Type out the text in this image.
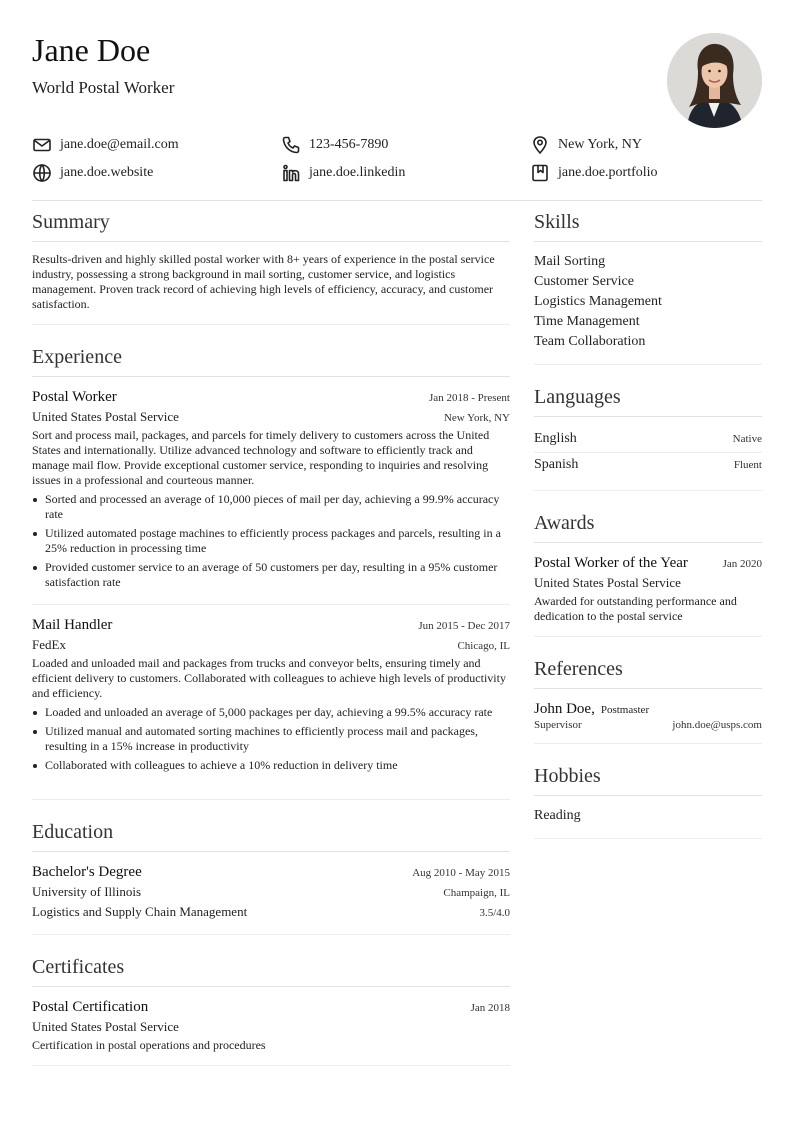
Jane Doe
World Postal Worker
jane.doe@email.com	123-456-7890	New York, NY
jane.doe.website	jane.doe.linkedin	jane.doe.portfolio
Summary
Results-driven and highly skilled postal worker with 8+ years of experience in the postal service industry, possessing a strong background in mail sorting, customer service, and logistics management. Proven track record of achieving high levels of efficiency, accuracy, and customer satisfaction.
Experience
Postal Worker	Jan 2018 - Present
United States Postal Service	New York, NY
Sort and process mail, packages, and parcels for timely delivery to customers across the United States and internationally. Utilize advanced technology and software to efficiently track and manage mail flow. Provide exceptional customer service, responding to inquiries and resolving issues in a professional and courteous manner.
Sorted and processed an average of 10,000 pieces of mail per day, achieving a 99.9% accuracy rate
Utilized automated postage machines to efficiently process packages and parcels, resulting in a 25% reduction in processing time
Provided customer service to an average of 50 customers per day, resulting in a 95% customer satisfaction rate
Mail Handler	Jun 2015 - Dec 2017
FedEx	Chicago, IL
Loaded and unloaded mail and packages from trucks and conveyor belts, ensuring timely and efficient delivery to customers. Collaborated with colleagues to achieve high levels of productivity and efficiency.
Loaded and unloaded an average of 5,000 packages per day, achieving a 99.5% accuracy rate
Utilized manual and automated sorting machines to efficiently process mail and packages, resulting in a 15% increase in productivity
Collaborated with colleagues to achieve a 10% reduction in delivery time
Education
Bachelor's Degree	Aug 2010 - May 2015
University of Illinois	Champaign, IL
Logistics and Supply Chain Management	3.5/4.0
Certificates
Postal Certification	Jan 2018
United States Postal Service
Certification in postal operations and procedures
Skills
Mail Sorting
Customer Service
Logistics Management
Time Management
Team Collaboration
Languages
English	Native
Spanish	Fluent
Awards
Postal Worker of the Year	Jan 2020
United States Postal Service
Awarded for outstanding performance and dedication to the postal service
References
John Doe, Postmaster
Supervisor	john.doe@usps.com
Hobbies
Reading
